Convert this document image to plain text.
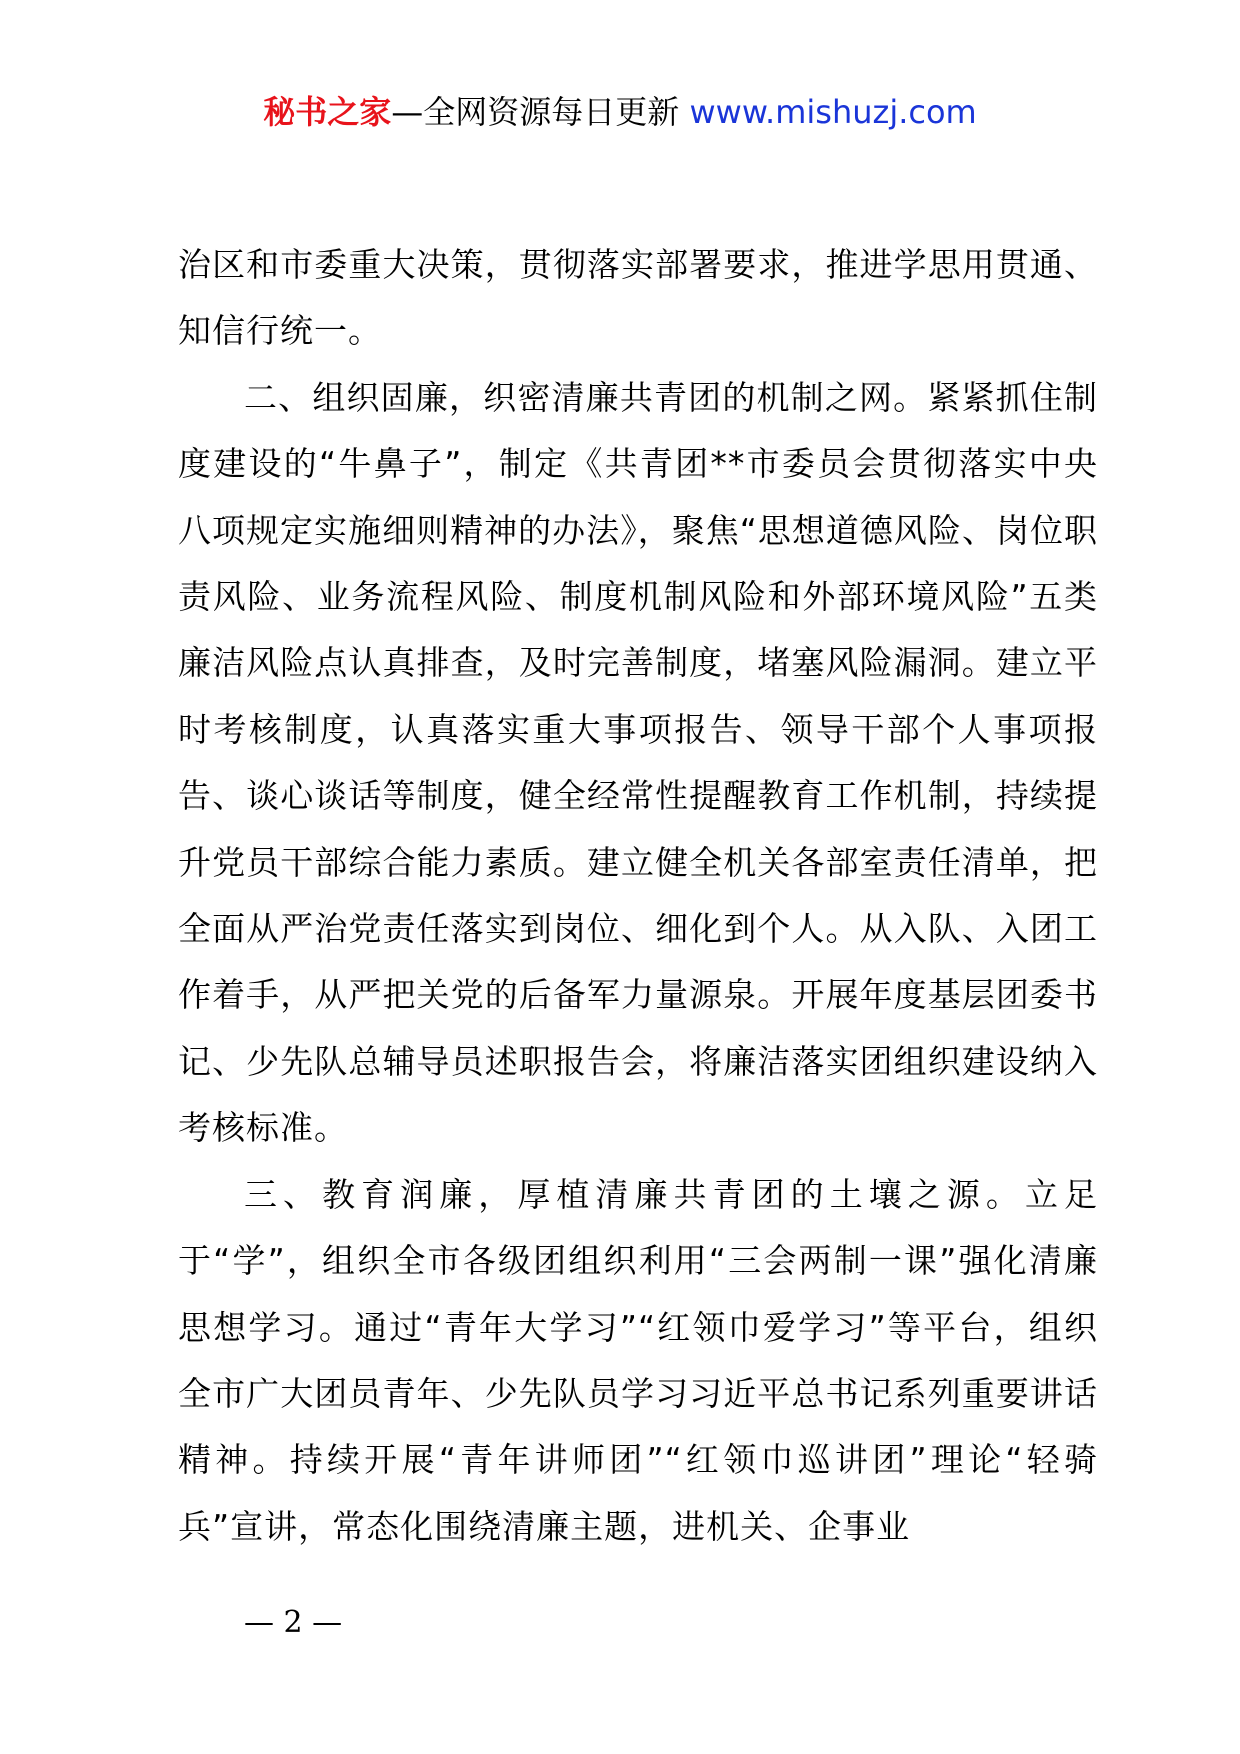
秘书之家—全网资源每日更新 www.mishuzj.com

治区和市委重大决策，贯彻落实部署要求，推进学思用贯通、知信行统一。

二、组织固廉，织密清廉共青团的机制之网。紧紧抓住制度建设的“牛鼻子”，制定《共青团**市委员会贯彻落实中央八项规定实施细则精神的办法》，聚焦“思想道德风险、岗位职责风险、业务流程风险、制度机制风险和外部环境风险”五类廉洁风险点认真排查，及时完善制度，堵塞风险漏洞。建立平时考核制度，认真落实重大事项报告、领导干部个人事项报告、谈心谈话等制度，健全经常性提醒教育工作机制，持续提升党员干部综合能力素质。建立健全机关各部室责任清单，把全面从严治党责任落实到岗位、细化到个人。从入队、入团工作着手，从严把关党的后备军力量源泉。开展年度基层团委书记、少先队总辅导员述职报告会，将廉洁落实团组织建设纳入考核标准。

三、教育润廉，厚植清廉共青团的土壤之源。立足于“学”，组织全市各级团组织利用“三会两制一课”强化清廉思想学习。通过“青年大学习”“红领巾爱学习”等平台，组织全市广大团员青年、少先队员学习习近平总书记系列重要讲话精神。持续开展“青年讲师团”“红领巾巡讲团”理论“轻骑兵”宣讲，常态化围绕清廉主题，进机关、企事业

— 2 —
